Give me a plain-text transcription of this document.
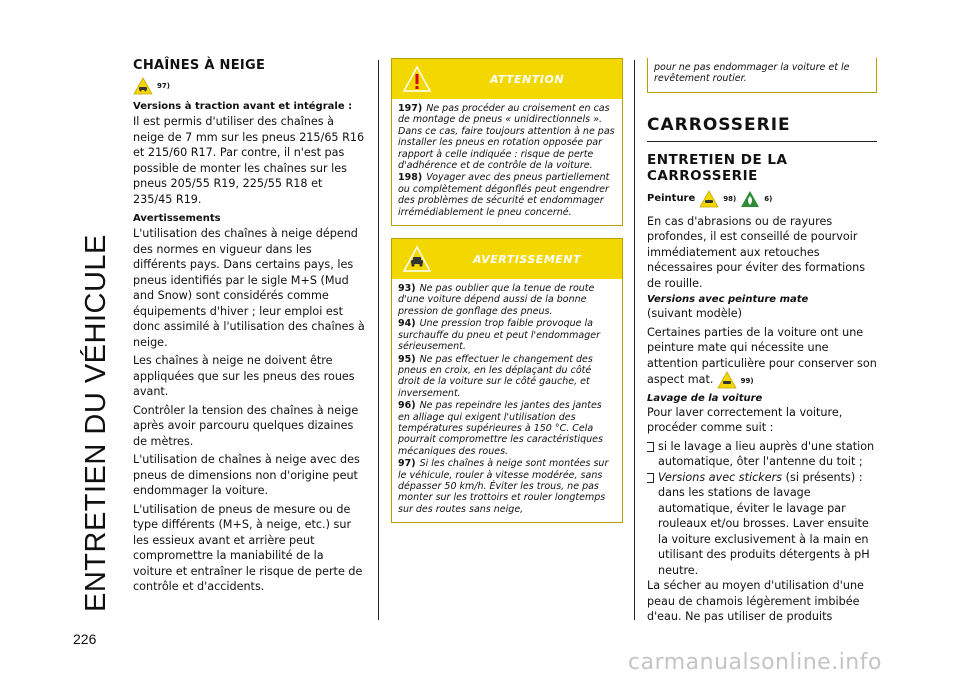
ENTRETIEN DU VÉHICULE
226
carmanualsonline.info
CHAÎNES À NEIGE
97)
Versions à traction avant et intégrale :

Il est permis d'utiliser des chaînes à neige de 7 mm sur les pneus 215/65 R16 et 215/60 R17. Par contre, il n'est pas possible de monter les chaînes sur les pneus 205/55 R19, 225/55 R18 et 235/45 R19.

Avertissements

L'utilisation des chaînes à neige dépend des normes en vigueur dans les différents pays. Dans certains pays, les pneus identifiés par le sigle M+S (Mud and Snow) sont considérés comme équipements d'hiver ; leur emploi est donc assimilé à l'utilisation des chaînes à neige.

Les chaînes à neige ne doivent être appliquées que sur les pneus des roues avant.

Contrôler la tension des chaînes à neige après avoir parcouru quelques dizaines de mètres.

L'utilisation de chaînes à neige avec des pneus de dimensions non d'origine peut endommager la voiture.

L'utilisation de pneus de mesure ou de type différents (M+S, à neige, etc.) sur les essieux avant et arrière peut compromettre la maniabilité de la voiture et entraîner le risque de perte de contrôle et d'accidents.

ATTENTION

197) Ne pas procéder au croisement en cas de montage de pneus « unidirectionnels ». Dans ce cas, faire toujours attention à ne pas installer les pneus en rotation opposée par rapport à celle indiquée : risque de perte d'adhérence et de contrôle de la voiture.

198) Voyager avec des pneus partiellement ou complètement dégonflés peut engendrer des problèmes de sécurité et endommager irrémédiablement le pneu concerné.

AVERTISSEMENT

93) Ne pas oublier que la tenue de route d'une voiture dépend aussi de la bonne pression de gonflage des pneus.

94) Une pression trop faible provoque la surchauffe du pneu et peut l'endommager sérieusement.

95) Ne pas effectuer le changement des pneus en croix, en les déplaçant du côté droit de la voiture sur le côté gauche, et inversement.

96) Ne pas repeindre les jantes des jantes en alliage qui exigent l'utilisation des températures supérieures à 150 °C. Cela pourrait compromettre les caractéristiques mécaniques des roues.

97) Si les chaînes à neige sont montées sur le véhicule, rouler à vitesse modérée, sans dépasser 50 km/h. Éviter les trous, ne pas monter sur les trottoirs et rouler longtemps sur des routes sans neige,

pour ne pas endommager la voiture et le revêtement routier.

CARROSSERIE
ENTRETIEN DE LA CARROSSERIE
Peinture	98)	6)

En cas d'abrasions ou de rayures profondes, il est conseillé de pourvoir immédiatement aux retouches nécessaires pour éviter des formations de rouille.

Versions avec peinture mate

(suivant modèle)

Certaines parties de la voiture ont une peinture mate qui nécessite une attention particulière pour conserver son aspect mat.	99)

Lavage de la voiture

Pour laver correctement la voiture, procéder comme suit :

si le lavage a lieu auprès d'une station automatique, ôter l'antenne du toit ;
Versions avec stickers (si présents) : dans les stations de lavage automatique, éviter le lavage par rouleaux et/ou brosses. Laver ensuite la voiture exclusivement à la main en utilisant des produits détergents à pH neutre.

La sécher au moyen d'utilisation d'une peau de chamois légèrement imbibée d'eau. Ne pas utiliser de produits
